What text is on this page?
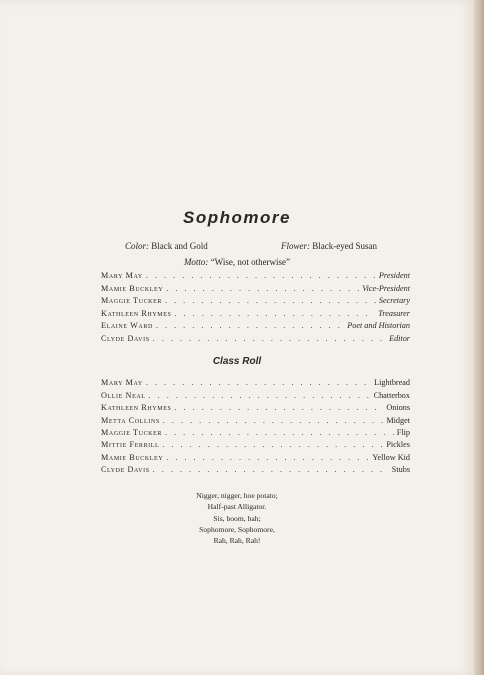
Sophomore
Color: Black and Gold	Flower: Black-eyed Susan
Motto: “Wise, not otherwise”
Mary May . . .	President
Mamie Buckley . . .	Vice-President
Maggie Tucker . . .	Secretary
Kathleen Rhymes . . .	Treasurer
Elaine Ward . . .	Poet and Historian
Clyde Davis . . .	Editor
Class Roll
Mary May . . .	Lightbread
Ollie Neal . . .	Chatterbox
Kathleen Rhymes . . .	Onions
Metta Collins . . .	Midget
Maggie Tucker . . .	Flip
Mittie Ferrill . . .	Pickles
Mamie Buckley . . .	Yellow Kid
Clyde Davis . . .	Stubs
Nigger, nigger, hoe potato;
Half-past Alligator.
Sis, boom, bah;
Sophomore, Sophomore,
Rah, Rah, Rah!
